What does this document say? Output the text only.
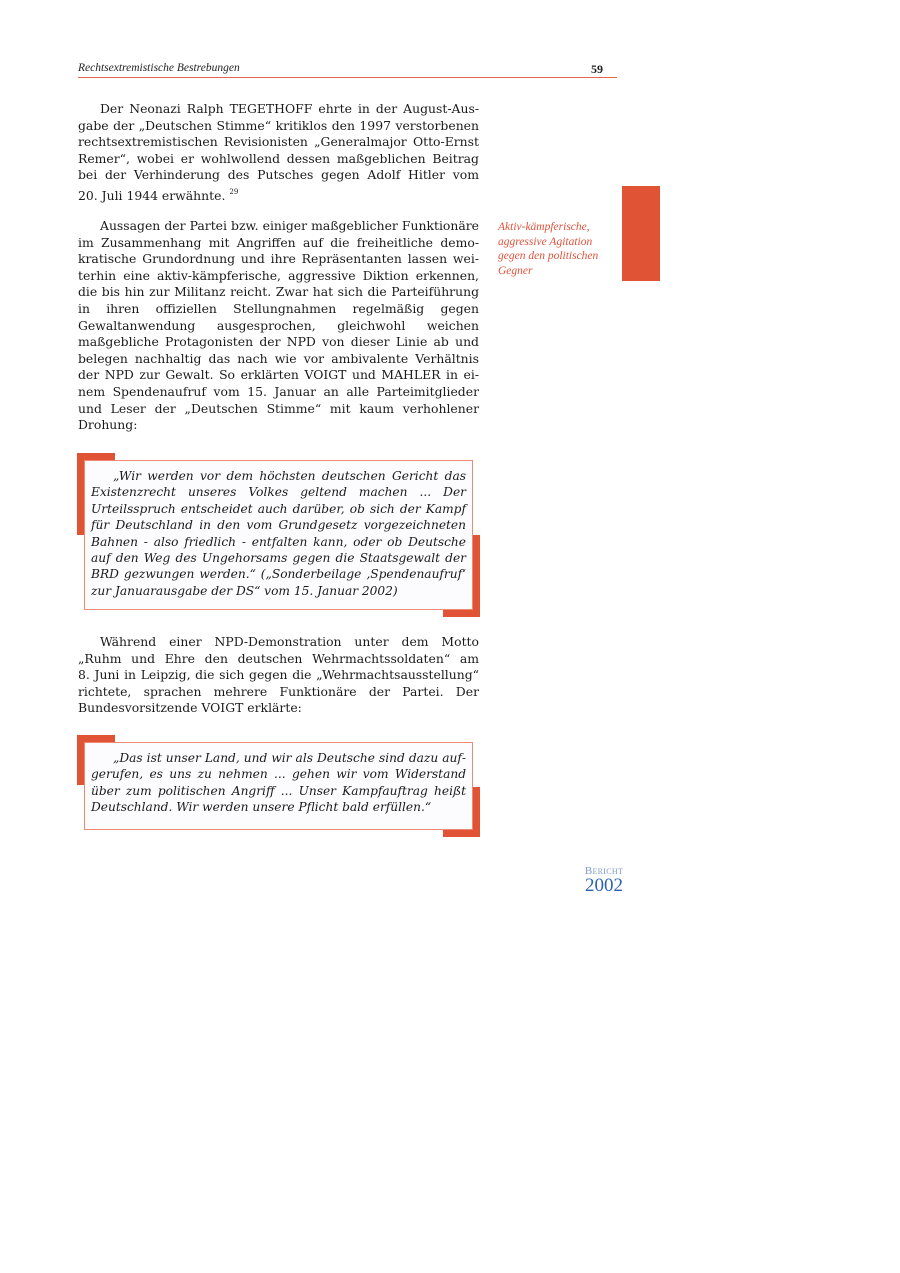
Rechtsextremistische Bestrebungen	59

Der Neonazi Ralph TEGETHOFF ehrte in der August-Ausgabe der „Deutschen Stimme“ kritiklos den 1997 verstorbenen rechtsextremistischen Revisionisten „Generalmajor Otto-Ernst Remer“, wobei er wohlwollend dessen maßgeblichen Beitrag bei der Verhinderung des Putsches gegen Adolf Hitler vom 20. Juli 1944 erwähnte. $^{29}$

Aussagen der Partei bzw. einiger maßgeblicher Funktionäre im Zusammenhang mit Angriffen auf die freiheitliche demokratische Grundordnung und ihre Repräsentanten lassen weiterhin eine aktiv-kämpferische, aggressive Diktion erkennen, die bis hin zur Militanz reicht. Zwar hat sich die Parteiführung in ihren offiziellen Stellungnahmen regelmäßig gegen Gewaltanwendung ausgesprochen, gleichwohl weichen maßgebliche Protagonisten der NPD von dieser Linie ab und belegen nachhaltig das nach wie vor ambivalente Verhältnis der NPD zur Gewalt. So erklärten VOIGT und MAHLER in einem Spendenaufruf vom 15. Januar an alle Parteimitglieder und Leser der „Deutschen Stimme“ mit kaum verhohlener Drohung:

Aktiv-kämpferische, aggressive Agitation gegen den politischen Gegner

„Wir werden vor dem höchsten deutschen Gericht das Existenzrecht unseres Volkes geltend machen ... Der Urteilsspruch entscheidet auch darüber, ob sich der Kampf für Deutschland in den vom Grundgesetz vorgezeichneten Bahnen - also friedlich - entfalten kann, oder ob Deutsche auf den Weg des Ungehorsams gegen die Staatsgewalt der BRD gezwungen werden.“ („Sonderbeilage ‚Spendenaufruf‘ zur Januarausgabe der DS“ vom 15. Januar 2002)

Während einer NPD-Demonstration unter dem Motto „Ruhm und Ehre den deutschen Wehrmachtssoldaten“ am 8. Juni in Leipzig, die sich gegen die „Wehrmachtsausstellung“ richtete, sprachen mehrere Funktionäre der Partei. Der Bundesvorsitzende VOIGT erklärte:

„Das ist unser Land, und wir als Deutsche sind dazu aufgerufen, es uns zu nehmen ... gehen wir vom Widerstand über zum politischen Angriff ... Unser Kampfauftrag heißt Deutschland. Wir werden unsere Pflicht bald erfüllen.“

Bericht
2002
